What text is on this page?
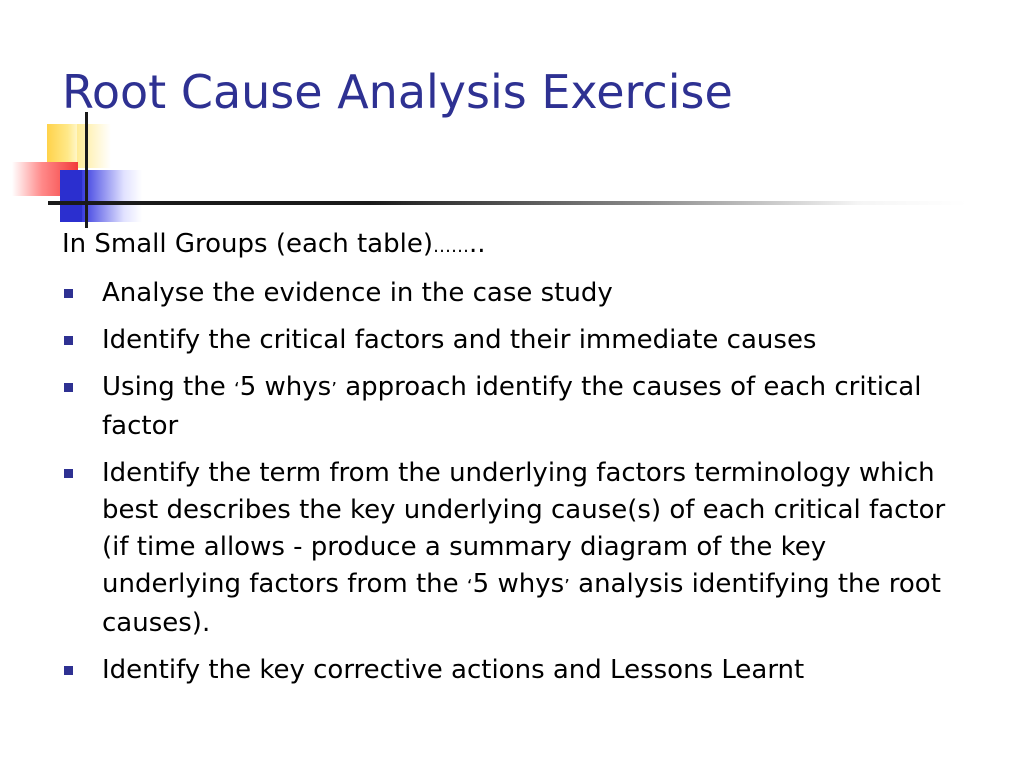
Root Cause Analysis Exercise

In Small Groups (each table)……..

Analyse the evidence in the case study
Identify the critical factors and their immediate causes
Using the ‘5 whys’ approach identify the causes of each critical factor
Identify the term from the underlying factors terminology which best describes the key underlying cause(s) of each critical factor (if time allows - produce a summary diagram of the key underlying factors from the ‘5 whys’ analysis identifying the root causes).
Identify the key corrective actions and Lessons Learnt
